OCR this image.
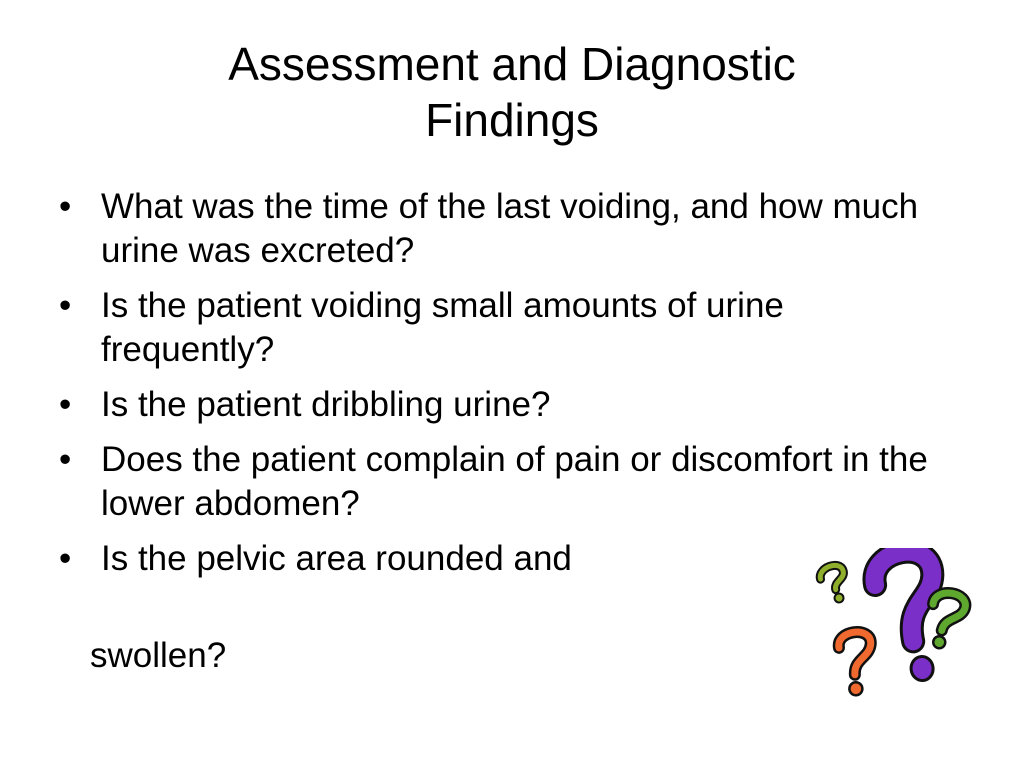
Assessment and Diagnostic
Findings
• What was the time of the last voiding, and how much urine was excreted?
• Is the patient voiding small amounts of urine frequently?
• Is the patient dribbling urine?
• Does the patient complain of pain or discomfort in the lower abdomen?
• Is the pelvic area rounded and
swollen?
